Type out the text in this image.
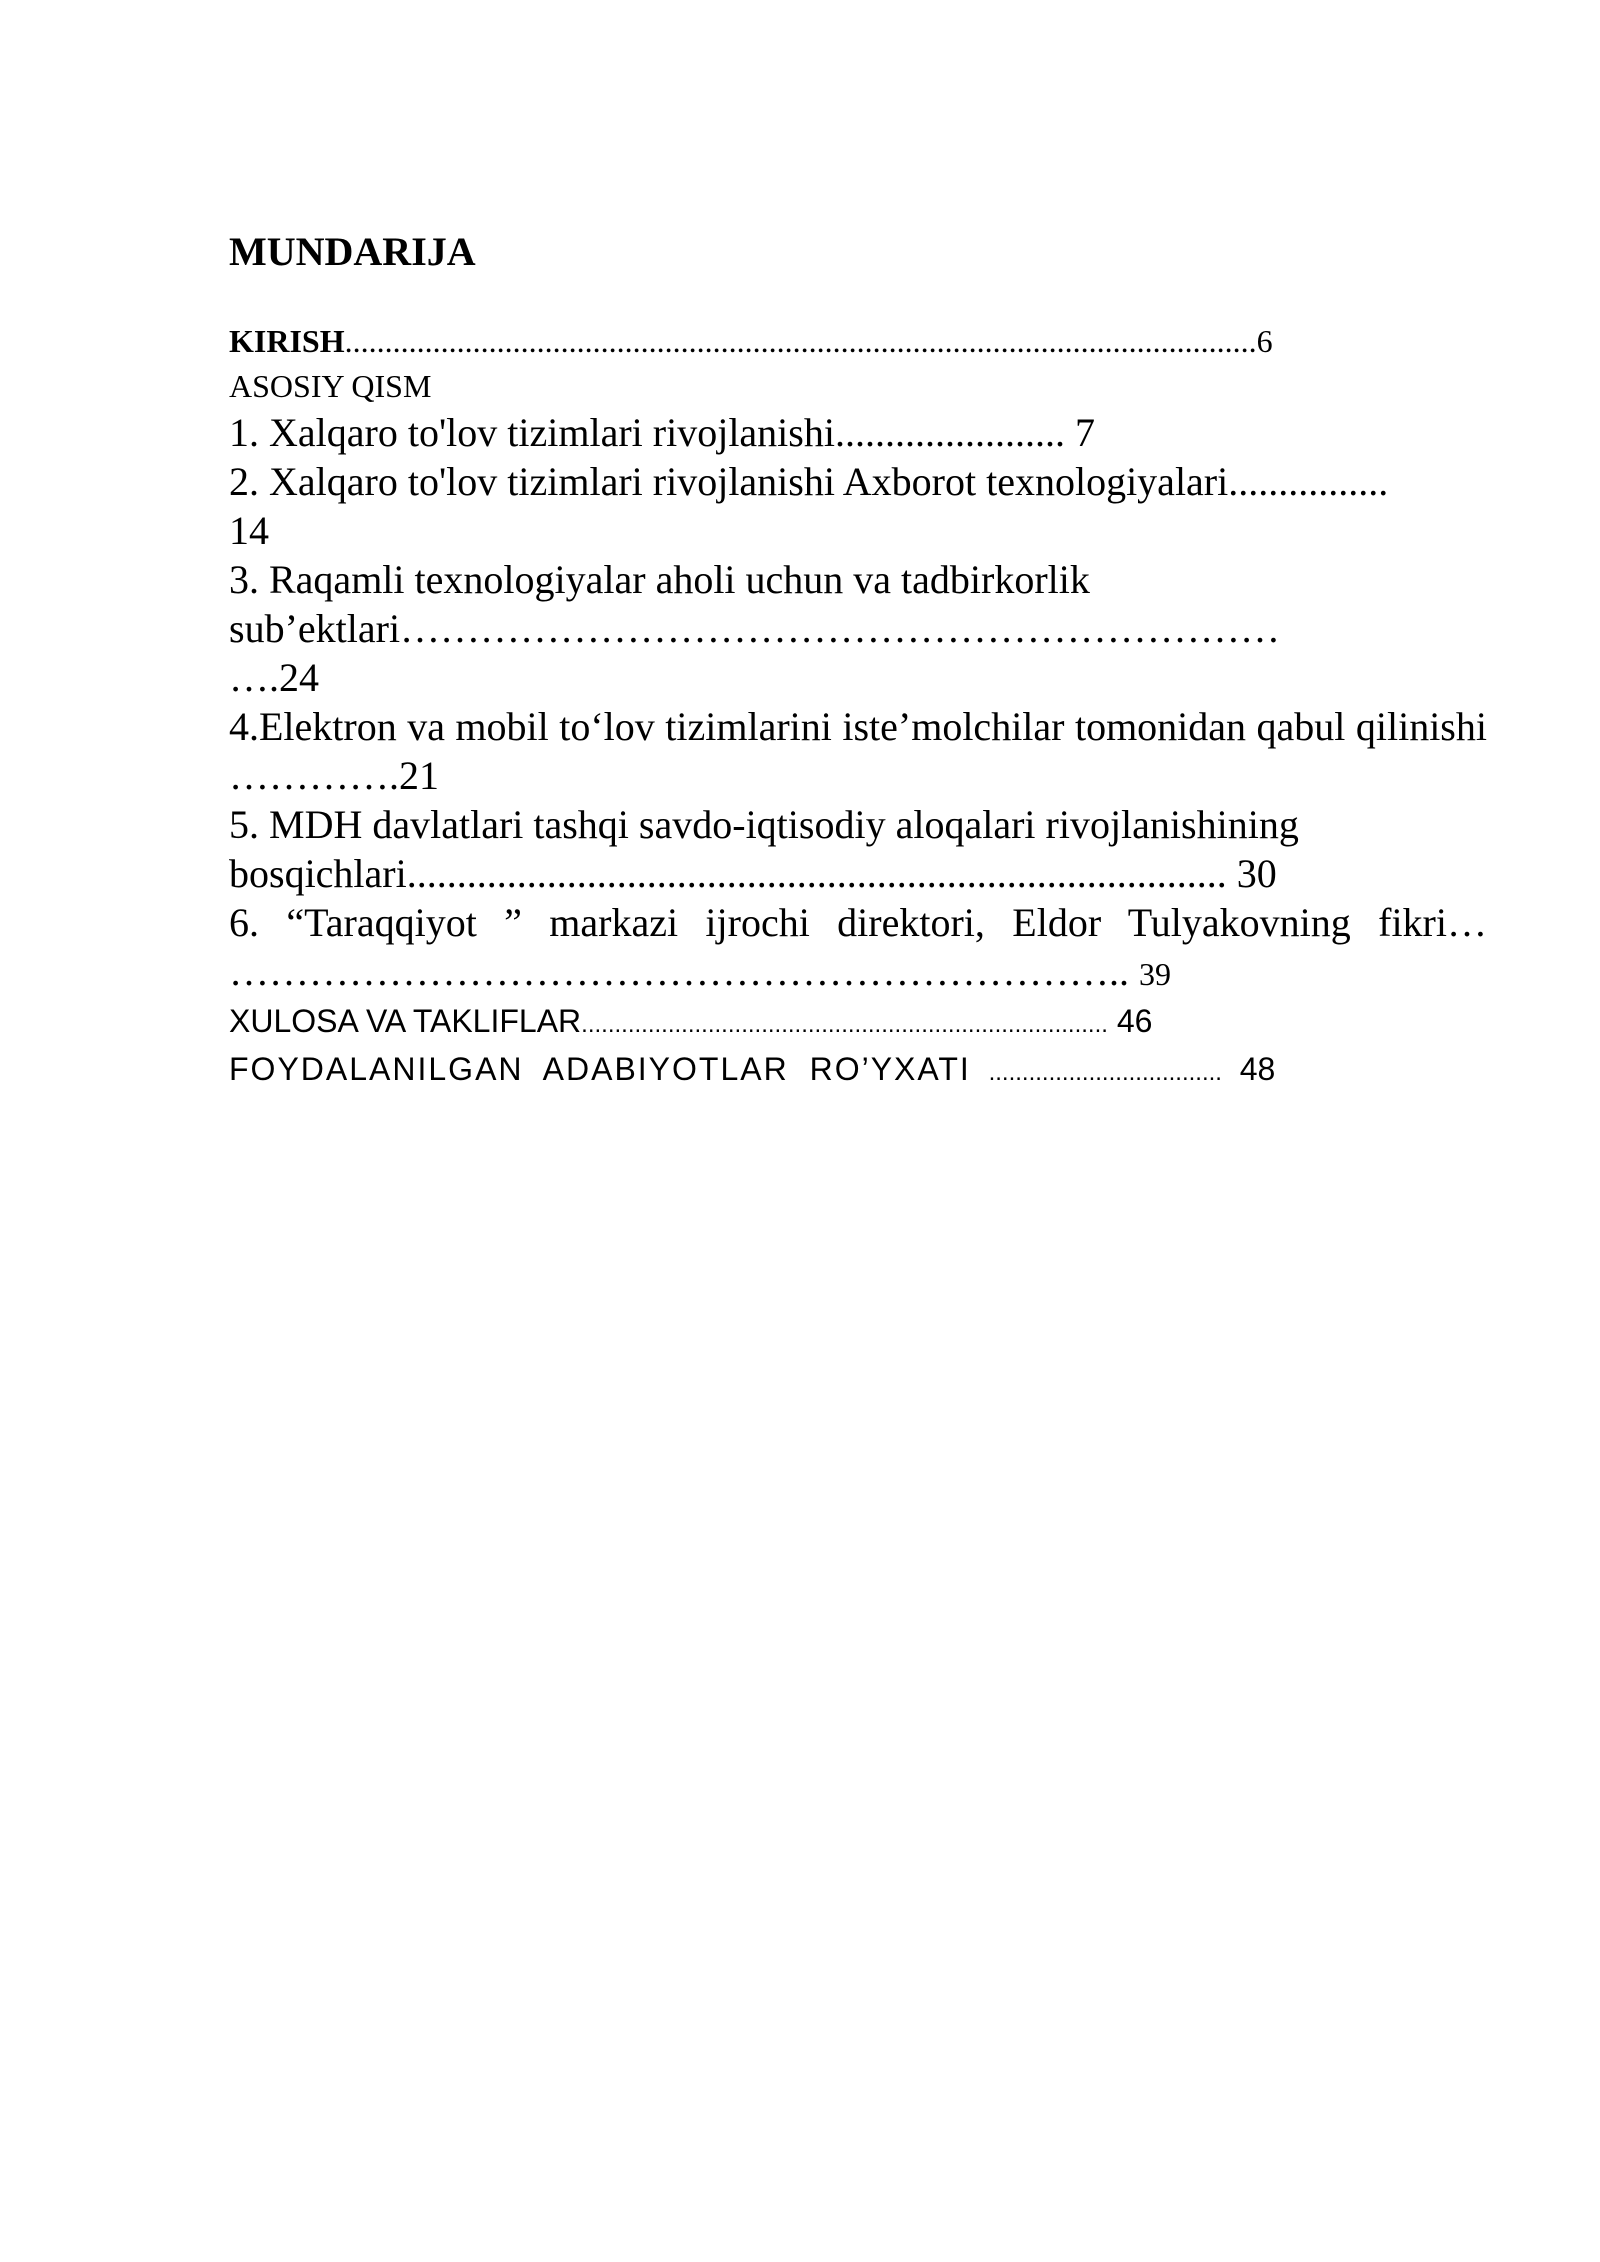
MUNDARIJA
KIRISH..................................................................................................................6
ASOSIY QISM
1. Xalqaro to'lov tizimlari rivojlanishi....................... 7
2. Xalqaro to'lov tizimlari rivojlanishi Axborot texnologiyalari................
14
3. Raqamli texnologiyalar aholi uchun va tadbirkorlik
sub’ektlari…………………………………………………………
….24
4.Elektron va mobil to‘lov tizimlarini iste’molchilar tomonidan qabul qilinishi ………….21
5. MDH davlatlari tashqi savdo-iqtisodiy aloqalari rivojlanishining
bosqichlari.................................................................................. 30
6. “Taraqqiyot ” markazi ijrochi direktori, Eldor Tulyakovning fikri…
………………………………………………………….. 39
XULOSA VA TAKLIFLAR............................................................................... 46
FOYDALANILGAN ADABIYOTLAR RO’YXATI ................................... 48
